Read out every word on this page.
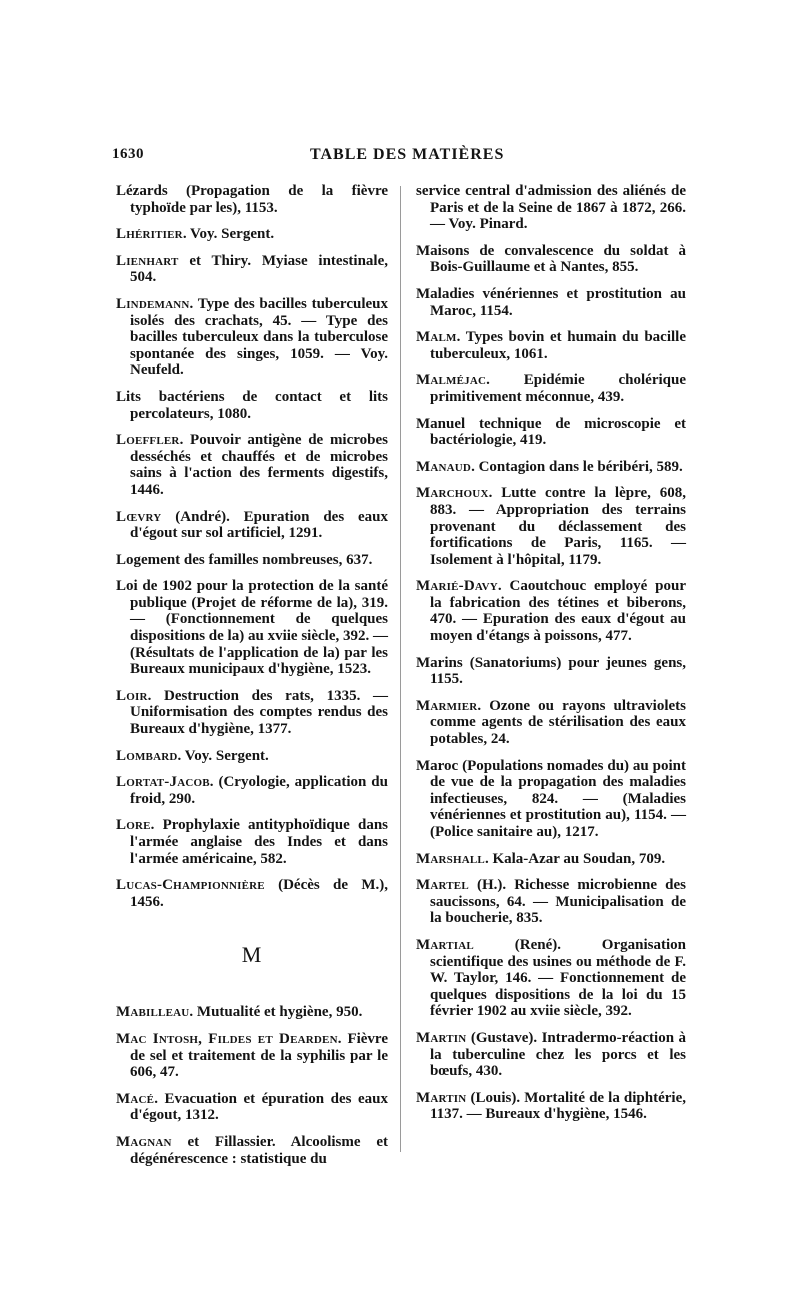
1630	TABLE DES MATIÈRES

Lézards (Propagation de la fièvre typhoïde par les), 1153.

Lhéritier. Voy. Sergent.

Lienhart et Thiry. Myiase intestinale, 504.

Lindemann. Type des bacilles tuberculeux isolés des crachats, 45. — Type des bacilles tuberculeux dans la tuberculose spontanée des singes, 1059. — Voy. Neufeld.

Lits bactériens de contact et lits percolateurs, 1080.

Loeffler. Pouvoir antigène de microbes desséchés et chauffés et de microbes sains à l'action des ferments digestifs, 1446.

Lœvry (André). Epuration des eaux d'égout sur sol artificiel, 1291.

Logement des familles nombreuses, 637.

Loi de 1902 pour la protection de la santé publique (Projet de réforme de la), 319. — (Fonctionnement de quelques dispositions de la) au xviie siècle, 392. — (Résultats de l'application de la) par les Bureaux municipaux d'hygiène, 1523.

Loir. Destruction des rats, 1335. — Uniformisation des comptes rendus des Bureaux d'hygiène, 1377.

Lombard. Voy. Sergent.

Lortat-Jacob. (Cryologie, application du froid, 290.

Lore. Prophylaxie antityphoïdique dans l'armée anglaise des Indes et dans l'armée américaine, 582.

Lucas-Championnière (Décès de M.), 1456.

M

Mabilleau. Mutualité et hygiène, 950.

Mac Intosh, Fildes et Dearden. Fièvre de sel et traitement de la syphilis par le 606, 47.

Macé. Evacuation et épuration des eaux d'égout, 1312.

Magnan et Fillassier. Alcoolisme et dégénérescence : statistique du

service central d'admission des aliénés de Paris et de la Seine de 1867 à 1872, 266. — Voy. Pinard.

Maisons de convalescence du soldat à Bois-Guillaume et à Nantes, 855.

Maladies vénériennes et prostitution au Maroc, 1154.

Malm. Types bovin et humain du bacille tuberculeux, 1061.

Malméjac. Epidémie cholérique primitivement méconnue, 439.

Manuel technique de microscopie et bactériologie, 419.

Manaud. Contagion dans le béribéri, 589.

Marchoux. Lutte contre la lèpre, 608, 883. — Appropriation des terrains provenant du déclassement des fortifications de Paris, 1165. — Isolement à l'hôpital, 1179.

Marié-Davy. Caoutchouc employé pour la fabrication des tétines et biberons, 470. — Epuration des eaux d'égout au moyen d'étangs à poissons, 477.

Marins (Sanatoriums) pour jeunes gens, 1155.

Marmier. Ozone ou rayons ultraviolets comme agents de stérilisation des eaux potables, 24.

Maroc (Populations nomades du) au point de vue de la propagation des maladies infectieuses, 824. — (Maladies vénériennes et prostitution au), 1154. — (Police sanitaire au), 1217.

Marshall. Kala-Azar au Soudan, 709.

Martel (H.). Richesse microbienne des saucissons, 64. — Municipalisation de la boucherie, 835.

Martial (René). Organisation scientifique des usines ou méthode de F. W. Taylor, 146. — Fonctionnement de quelques dispositions de la loi du 15 février 1902 au xviie siècle, 392.

Martin (Gustave). Intradermo-réaction à la tuberculine chez les porcs et les bœufs, 430.

Martin (Louis). Mortalité de la diphtérie, 1137. — Bureaux d'hygiène, 1546.
